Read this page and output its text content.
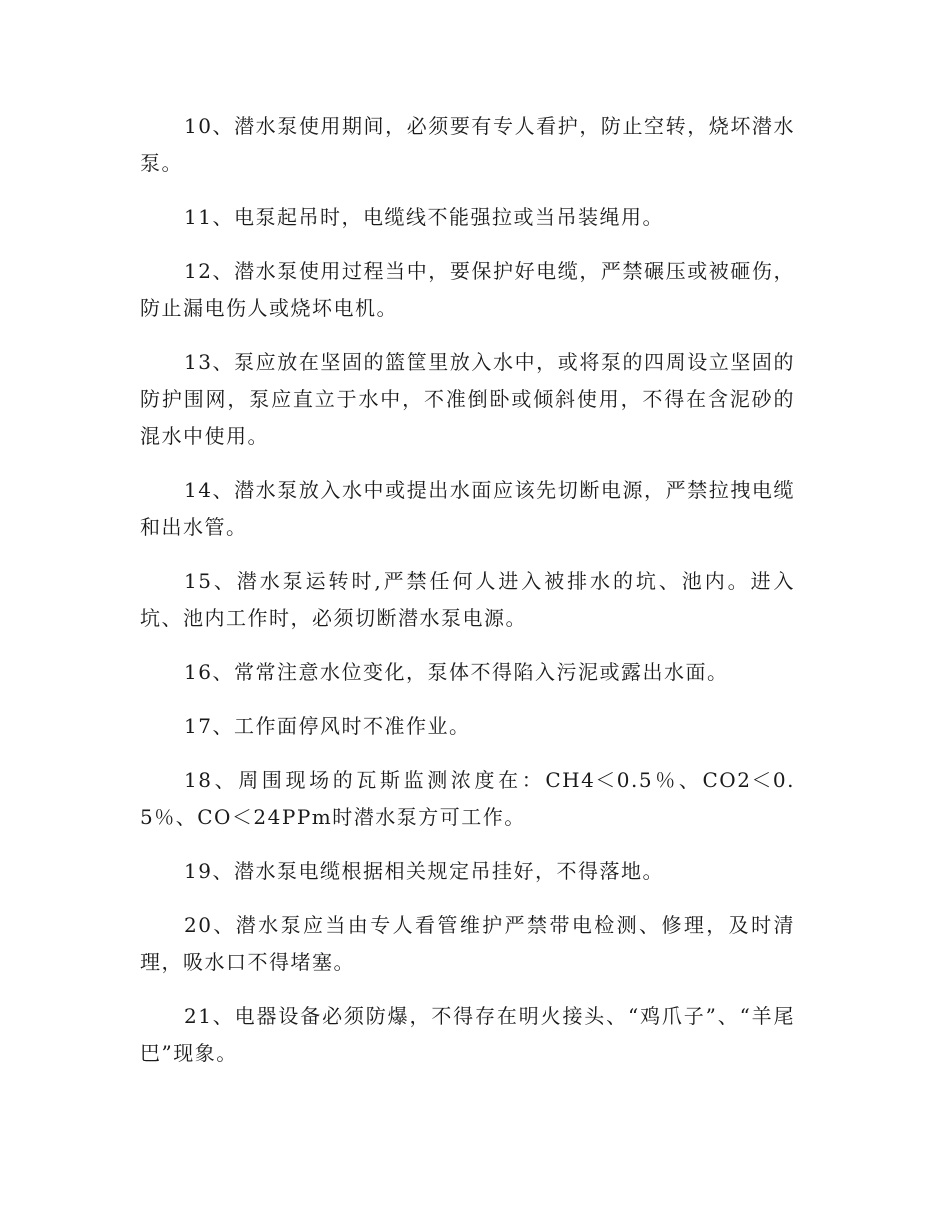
10、潜水泵使用期间，必须要有专人看护，防止空转，烧坏潜水泵。

11、电泵起吊时，电缆线不能强拉或当吊装绳用。

12、潜水泵使用过程当中，要保护好电缆，严禁碾压或被砸伤，防止漏电伤人或烧坏电机。

13、泵应放在坚固的篮筐里放入水中，或将泵的四周设立坚固的防护围网，泵应直立于水中，不准倒卧或倾斜使用，不得在含泥砂的混水中使用。

14、潜水泵放入水中或提出水面应该先切断电源，严禁拉拽电缆和出水管。

15、潜水泵运转时,严禁任何人进入被排水的坑、池内。进入坑、池内工作时，必须切断潜水泵电源。

16、常常注意水位变化，泵体不得陷入污泥或露出水面。

17、工作面停风时不准作业。

18、周围现场的瓦斯监测浓度在：CH4＜0.5％、CO2＜0.5％、CO＜24PPm时潜水泵方可工作。

19、潜水泵电缆根据相关规定吊挂好，不得落地。

20、潜水泵应当由专人看管维护严禁带电检测、修理，及时清理，吸水口不得堵塞。

21、电器设备必须防爆，不得存在明火接头、“鸡爪子”、“羊尾巴”现象。
